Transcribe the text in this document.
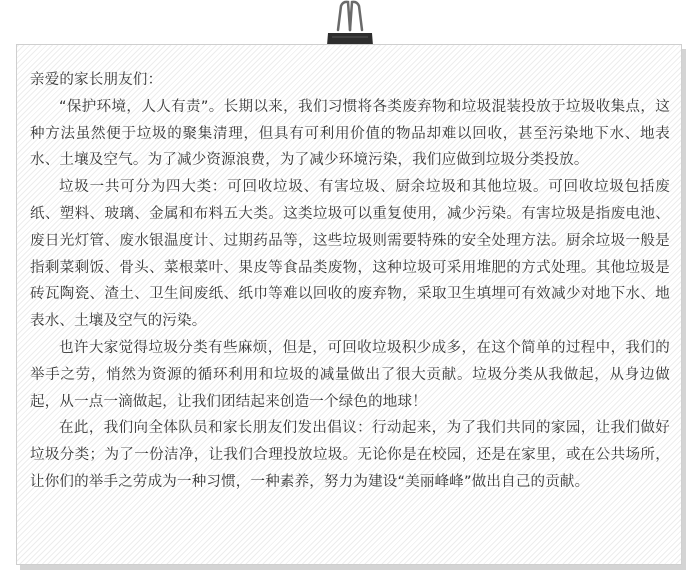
亲爱的家长朋友们：

“保护环境，人人有责”。长期以来，我们习惯将各类废弃物和垃圾混装投放于垃圾收集点，这种方法虽然便于垃圾的聚集清理，但具有可利用价值的物品却难以回收，甚至污染地下水、地表水、土壤及空气。为了减少资源浪费，为了减少环境污染，我们应做到垃圾分类投放。

垃圾一共可分为四大类：可回收垃圾、有害垃圾、厨余垃圾和其他垃圾。可回收垃圾包括废纸、塑料、玻璃、金属和布料五大类。这类垃圾可以重复使用，减少污染。有害垃圾是指废电池、废日光灯管、废水银温度计、过期药品等，这些垃圾则需要特殊的安全处理方法。厨余垃圾一般是指剩菜剩饭、骨头、菜根菜叶、果皮等食品类废物，这种垃圾可采用堆肥的方式处理。其他垃圾是砖瓦陶瓷、渣土、卫生间废纸、纸巾等难以回收的废弃物，采取卫生填埋可有效减少对地下水、地表水、土壤及空气的污染。

也许大家觉得垃圾分类有些麻烦，但是，可回收垃圾积少成多，在这个简单的过程中，我们的举手之劳，悄然为资源的循环利用和垃圾的减量做出了很大贡献。垃圾分类从我做起，从身边做起，从一点一滴做起，让我们团结起来创造一个绿色的地球！

在此，我们向全体队员和家长朋友们发出倡议：行动起来，为了我们共同的家园，让我们做好垃圾分类；为了一份洁净，让我们合理投放垃圾。无论你是在校园，还是在家里，或在公共场所，让你们的举手之劳成为一种习惯，一种素养，努力为建设“美丽峰峰”做出自己的贡献。
